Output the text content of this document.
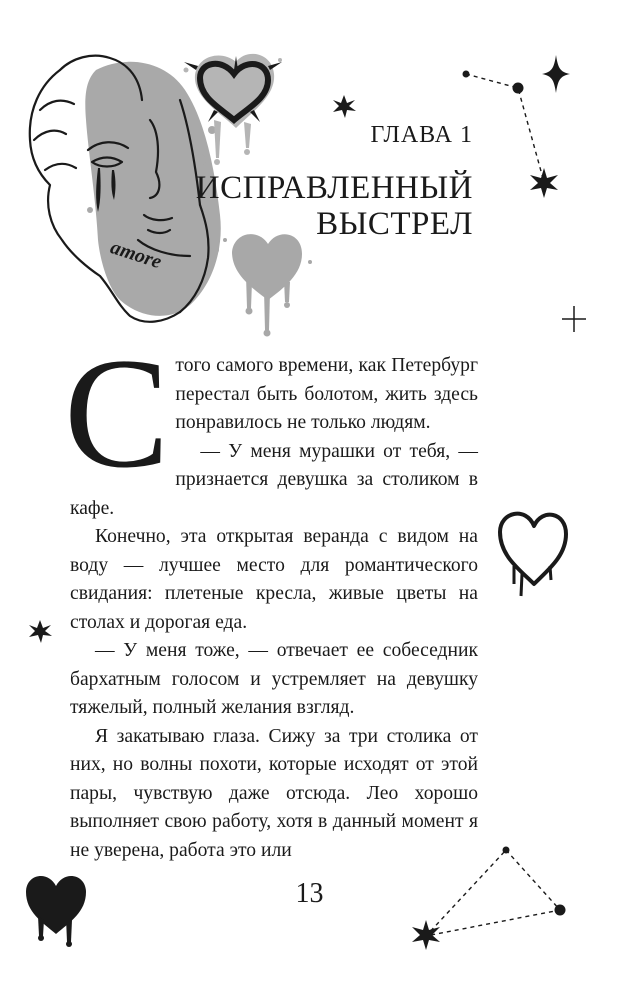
amore
ГЛАВА 1
ИСПРАВЛЕННЫЙ
ВЫСТРЕЛ

Стого самого времени, как Петербург перестал быть болотом, жить здесь понравилось не только людям.

— У меня мурашки от тебя, — признается девушка за столиком в кафе.

Конечно, эта открытая веранда с видом на воду — лучшее место для романтического свидания: плетеные кресла, живые цветы на столах и дорогая еда.

— У меня тоже, — отвечает ее собеседник бархатным голосом и устремляет на девушку тяжелый, полный желания взгляд.

Я закатываю глаза. Сижу за три столика от них, но волны похоти, которые исходят от этой пары, чувствую даже отсюда. Лео хорошо выполняет свою работу, хотя в данный момент я не уверена, работа это или

13
